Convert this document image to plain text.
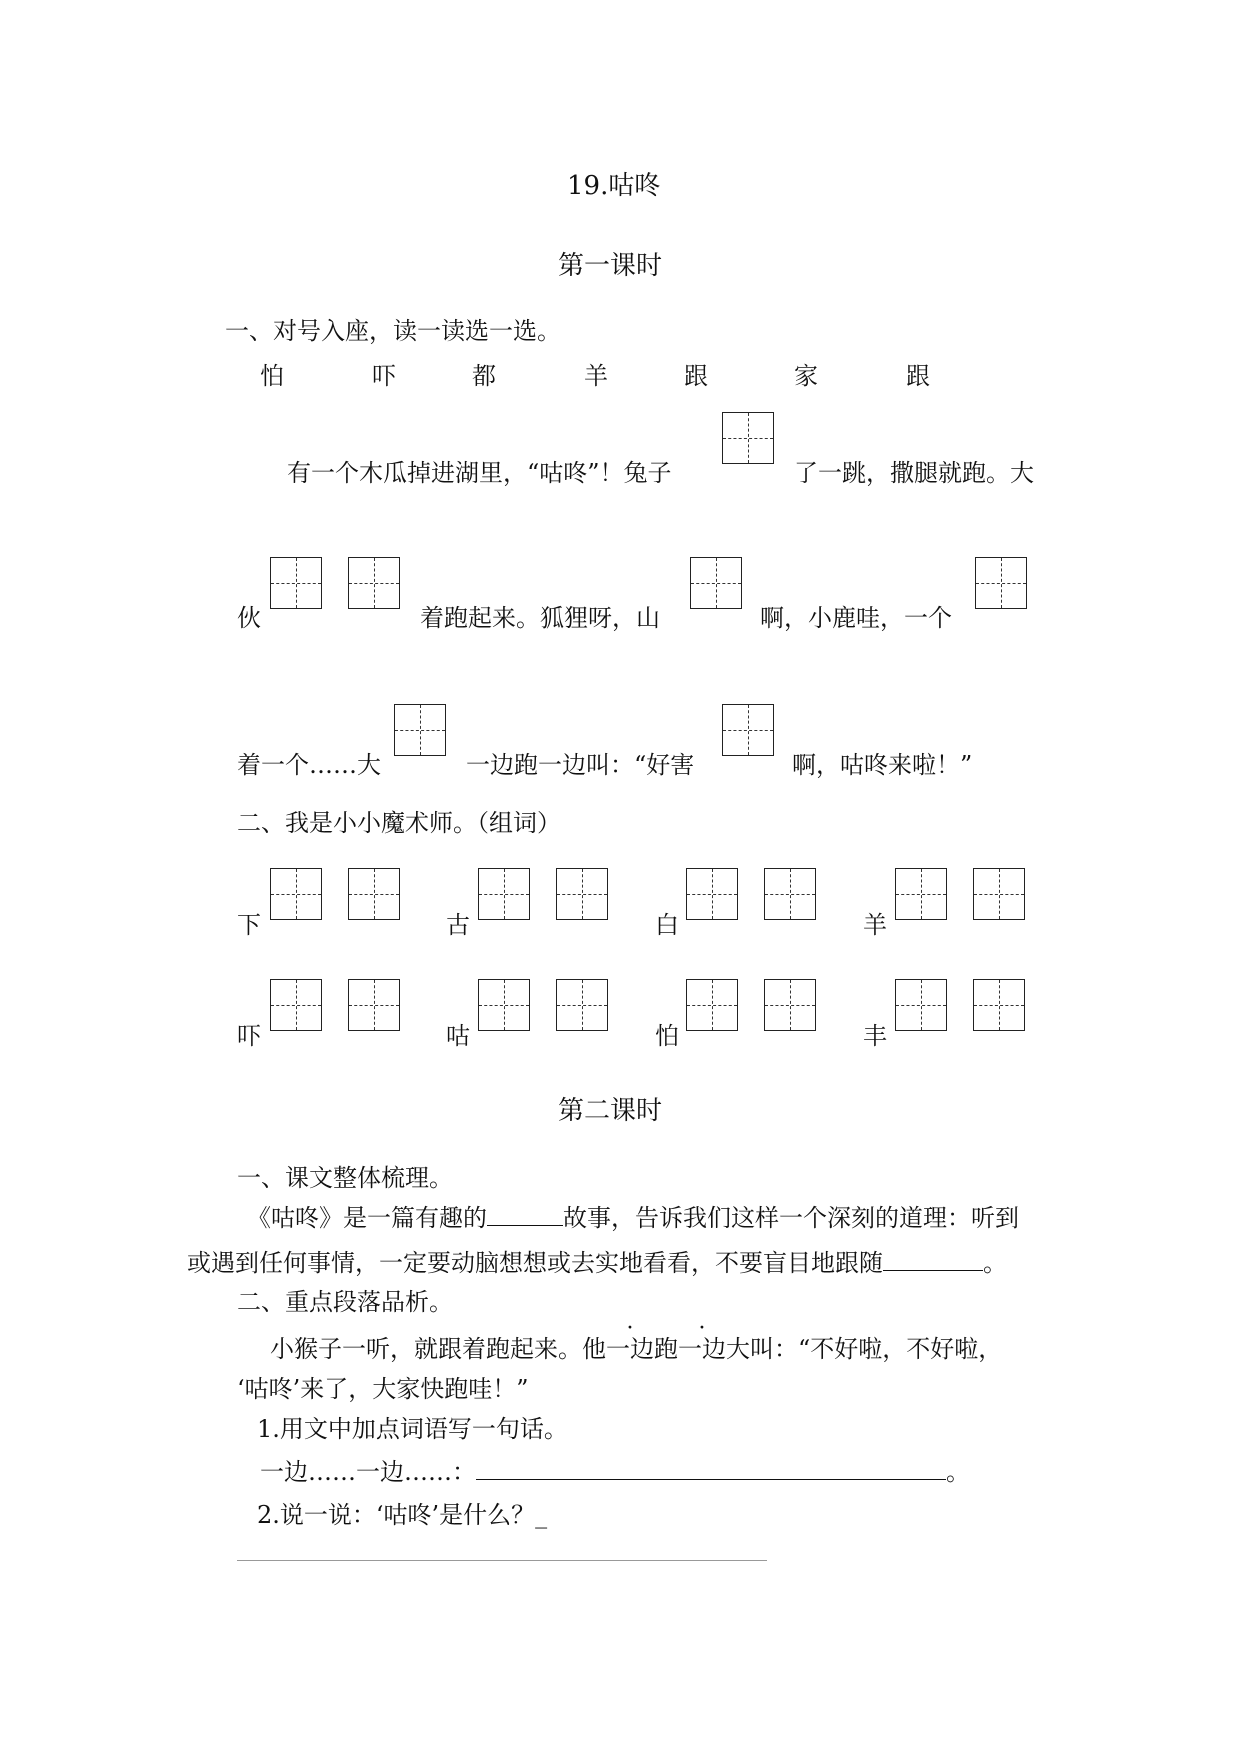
19.咕咚
第一课时
一、对号入座，读一读选一选。
怕	吓	都	羊	跟	家	跟
有一个木瓜掉进湖里，“咕咚”！兔子	了一跳，撒腿就跑。大
伙	着跑起来。狐狸呀，山	啊，小鹿哇，一个
着一个……大	一边跑一边叫：“好害	啊，咕咚来啦！”
二、我是小小魔术师。（组词）
下	古	白	羊
吓	咕	怕	丰
第二课时
一、课文整体梳理。
《咕咚》是一篇有趣的	故事，告诉我们这样一个深刻的道理：听到
或遇到任何事情，一定要动脑想想或去实地看看，不要盲目地跟随	。
二、重点段落品析。
小猴子一听，就跟着跑起来。他一边跑一边大叫：“不好啦，不好啦，
‘咕咚’来了，大家快跑哇！”
1.用文中加点词语写一句话。
一边……一边……：	。
2.说一说：‘咕咚’是什么？_
